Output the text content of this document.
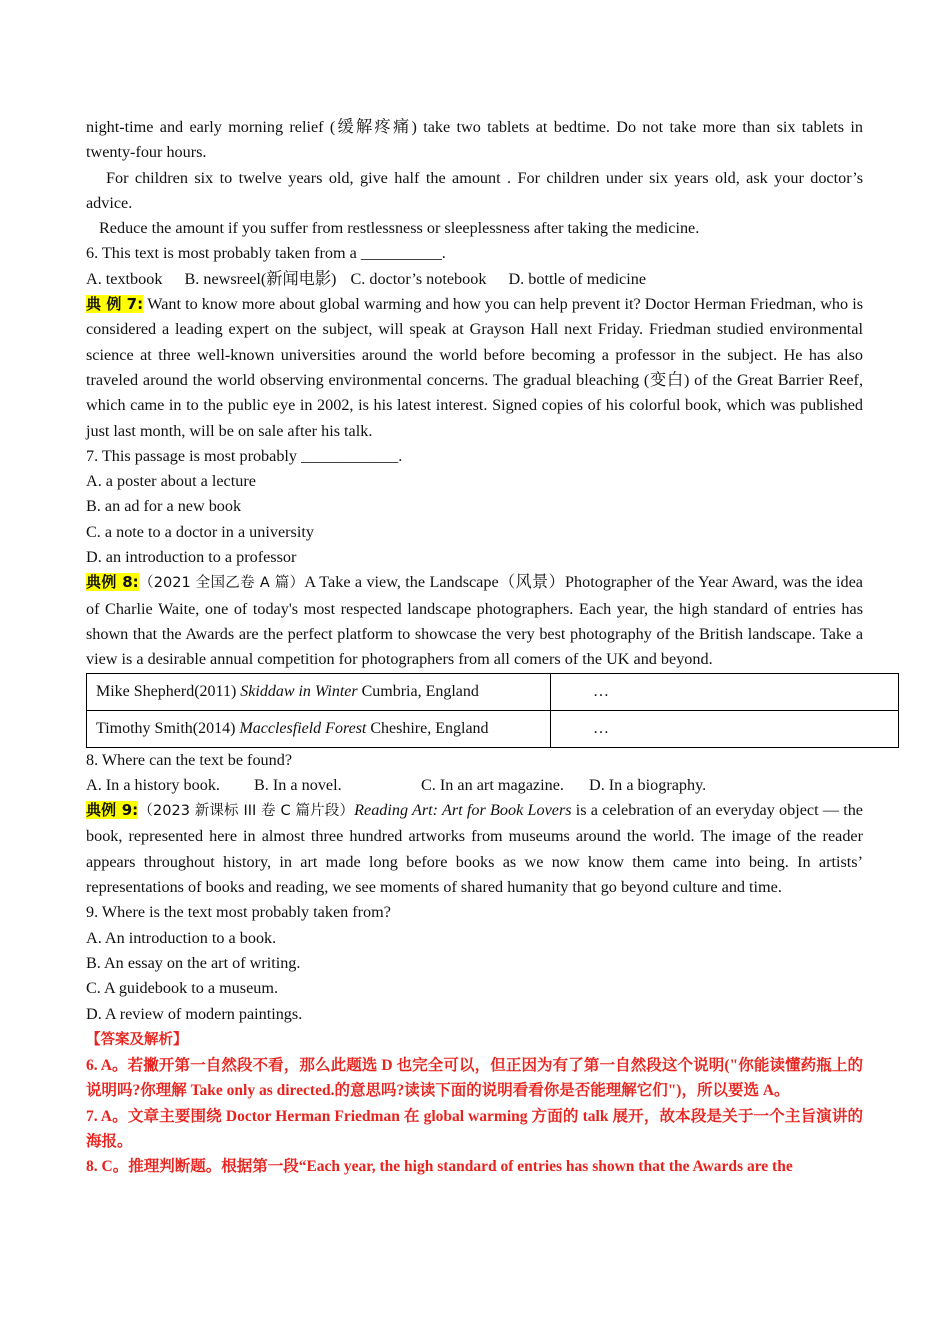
night-time and early morning relief (缓解疼痛) take two tablets at bedtime. Do not take more than six tablets in twenty-four hours.

For children six to twelve years old, give half the amount . For children under six years old, ask your doctor’s advice.

Reduce the amount if you suffer from restlessness or sleeplessness after taking the medicine.

6. This text is most probably taken from a __________.

A. textbook B. newsreel(新闻电影) C. doctor’s notebook D. bottle of medicine

典 例 7: Want to know more about global warming and how you can help prevent it? Doctor Herman Friedman, who is considered a leading expert on the subject, will speak at Grayson Hall next Friday. Friedman studied environmental science at three well-known universities around the world before becoming a professor in the subject. He has also traveled around the world observing environmental concerns. The gradual bleaching (变白) of the Great Barrier Reef, which came in to the public eye in 2002, is his latest interest. Signed copies of his colorful book, which was published just last month, will be on sale after his talk.

7. This passage is most probably ____________.

A. a poster about a lecture

B. an ad for a new book

C. a note to a doctor in a university

D. an introduction to a professor

典例 8:（2021 全国乙卷 A 篇）A Take a view, the Landscape（风景）Photographer of the Year Award, was the idea of Charlie Waite, one of today's most respected landscape photographers. Each year, the high standard of entries has shown that the Awards are the perfect platform to showcase the very best photography of the British landscape. Take a view is a desirable annual competition for photographers from all comers of the UK and beyond.

Mike Shepherd(2011) Skiddaw in Winter Cumbria, England	…
Timothy Smith(2014) Macclesfield Forest Cheshire, England	…

8. Where can the text be found?

A. In a history book. B. In a novel.	C. In an art magazine. D. In a biography.

典例 9:（2023 新课标 III 卷 C 篇片段）Reading Art: Art for Book Lovers is a celebration of an everyday object — the book, represented here in almost three hundred artworks from museums around the world. The image of the reader appears throughout history, in art made long before books as we now know them came into being. In artists’ representations of books and reading, we see moments of shared humanity that go beyond culture and time.

9. Where is the text most probably taken from?

A. An introduction to a book.

B. An essay on the art of writing.

C. A guidebook to a museum.

D. A review of modern paintings.

【答案及解析】

6. A。若撇开第一自然段不看，那么此题选 D 也完全可以，但正因为有了第一自然段这个说明("你能读懂药瓶上的说明吗?你理解 Take only as directed.的意思吗?读读下面的说明看看你是否能理解它们")，所以要选 A。

7. A。文章主要围绕 Doctor Herman Friedman 在 global warming 方面的 talk 展开，故本段是关于一个主旨演讲的海报。

8. C。推理判断题。根据第一段“Each year, the high standard of entries has shown that the Awards are the
